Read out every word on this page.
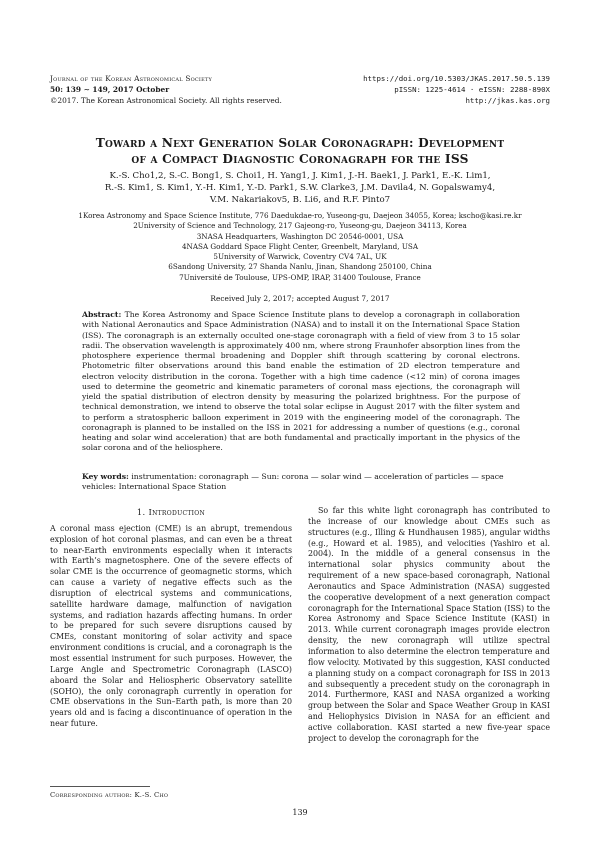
Journal of the Korean Astronomical Society
50: 139 ∼ 149, 2017 October
©2017. The Korean Astronomical Society. All rights reserved.
https://doi.org/10.5303/JKAS.2017.50.5.139
pISSN: 1225-4614 · eISSN: 2288-890X
http://jkas.kas.org
Toward a Next Generation Solar Coronagraph: Development
of a Compact Diagnostic Coronagraph for the ISS
K.-S. Cho1,2, S.-C. Bong1, S. Choi1, H. Yang1, J. Kim1, J.-H. Baek1, J. Park1, E.-K. Lim1,
R.-S. Kim1, S. Kim1, Y.-H. Kim1, Y.-D. Park1, S.W. Clarke3, J.M. Davila4, N. Gopalswamy4,
V.M. Nakariakov5, B. Li6, and R.F. Pinto7
1Korea Astronomy and Space Science Institute, 776 Daedukdae-ro, Yuseong-gu, Daejeon 34055, Korea; kscho@kasi.re.kr
2University of Science and Technology, 217 Gajeong-ro, Yuseong-gu, Daejeon 34113, Korea
3NASA Headquarters, Washington DC 20546-0001, USA
4NASA Goddard Space Flight Center, Greenbelt, Maryland, USA
5University of Warwick, Coventry CV4 7AL, UK
6Sandong University, 27 Shanda Nanlu, Jinan, Shandong 250100, China
7Université de Toulouse, UPS-OMP, IRAP, 31400 Toulouse, France
Received July 2, 2017; accepted August 7, 2017
Abstract: The Korea Astronomy and Space Science Institute plans to develop a coronagraph in collaboration with National Aeronautics and Space Administration (NASA) and to install it on the International Space Station (ISS). The coronagraph is an externally occulted one-stage coronagraph with a field of view from 3 to 15 solar radii. The observation wavelength is approximately 400 nm, where strong Fraunhofer absorption lines from the photosphere experience thermal broadening and Doppler shift through scattering by coronal electrons. Photometric filter observations around this band enable the estimation of 2D electron temperature and electron velocity distribution in the corona. Together with a high time cadence (<12 min) of corona images used to determine the geometric and kinematic parameters of coronal mass ejections, the coronagraph will yield the spatial distribution of electron density by measuring the polarized brightness. For the purpose of technical demonstration, we intend to observe the total solar eclipse in August 2017 with the filter system and to perform a stratospheric balloon experiment in 2019 with the engineering model of the coronagraph. The coronagraph is planned to be installed on the ISS in 2021 for addressing a number of questions (e.g., coronal heating and solar wind acceleration) that are both fundamental and practically important in the physics of the solar corona and of the heliosphere.
Key words: instrumentation: coronagraph — Sun: corona — solar wind — acceleration of particles — space vehicles: International Space Station
1. Introduction

A coronal mass ejection (CME) is an abrupt, tremendous explosion of hot coronal plasmas, and can even be a threat to near-Earth environments especially when it interacts with Earth’s magnetosphere. One of the severe effects of solar CME is the occurrence of geomagnetic storms, which can cause a variety of negative effects such as the disruption of electrical systems and communications, satellite hardware damage, malfunction of navigation systems, and radiation hazards affecting humans. In order to be prepared for such severe disruptions caused by CMEs, constant monitoring of solar activity and space environment conditions is crucial, and a coronagraph is the most essential instrument for such purposes. However, the Large Angle and Spectrometric Coronagraph (LASCO) aboard the Solar and Heliospheric Observatory satellite (SOHO), the only coronagraph currently in operation for CME observations in the Sun–Earth path, is more than 20 years old and is facing a discontinuance of operation in the near future.

So far this white light coronagraph has contributed to the increase of our knowledge about CMEs such as structures (e.g., Illing & Hundhausen 1985), angular widths (e.g., Howard et al. 1985), and velocities (Yashiro et al. 2004). In the middle of a general consensus in the international solar physics community about the requirement of a new space-based coronagraph, National Aeronautics and Space Administration (NASA) suggested the cooperative development of a next generation compact coronagraph for the International Space Station (ISS) to the Korea Astronomy and Space Science Institute (KASI) in 2013. While current coronagraph images provide electron density, the new coronagraph will utilize spectral information to also determine the electron temperature and flow velocity. Motivated by this suggestion, KASI conducted a planning study on a compact coronagraph for ISS in 2013 and subsequently a precedent study on the coronagraph in 2014. Furthermore, KASI and NASA organized a working group between the Solar and Space Weather Group in KASI and Heliophysics Division in NASA for an efficient and active collaboration. KASI started a new five-year space project to develop the coronagraph for the

Corresponding author: K.-S. Cho
139
